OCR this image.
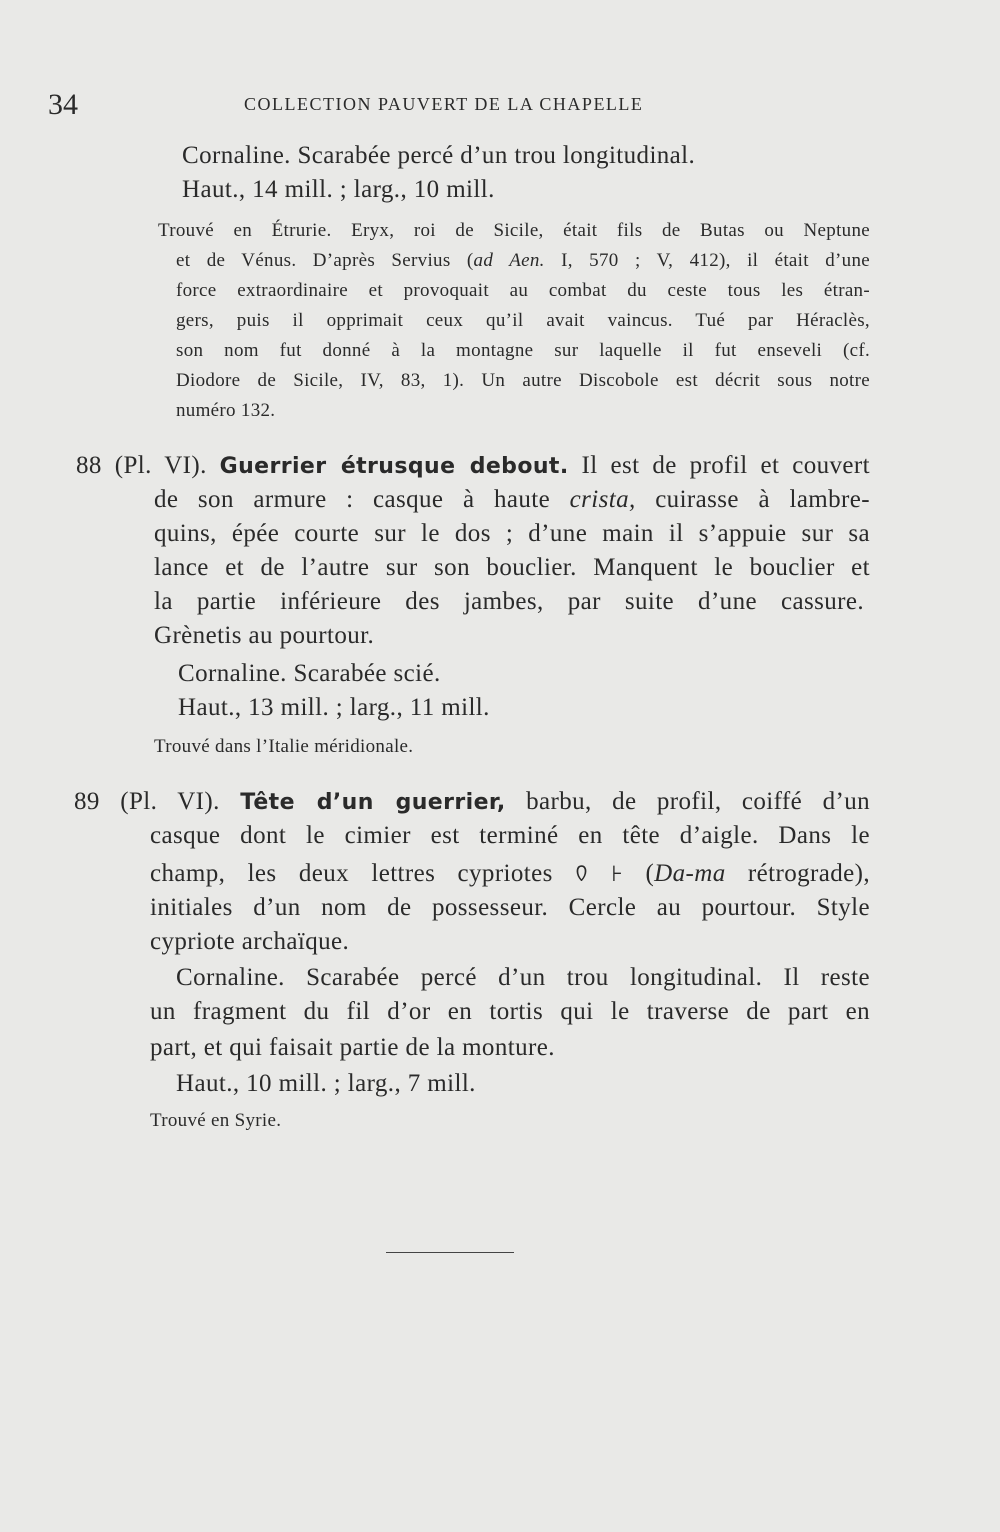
34	COLLECTION PAUVERT DE LA CHAPELLE
Cornaline. Scarabée percé d’un trou longitudinal.
Haut., 14 mill. ; larg., 10 mill.
Trouvé en Étrurie. Eryx, roi de Sicile, était fils de Butas ou Neptune
et de Vénus. D’après Servius (ad Aen. I, 570 ; V, 412), il était d’une
force extraordinaire et provoquait au combat du ceste tous les étran-
gers, puis il opprimait ceux qu’il avait vaincus. Tué par Héraclès,
son nom fut donné à la montagne sur laquelle il fut enseveli (cf.
Diodore de Sicile, IV, 83, 1). Un autre Discobole est décrit sous notre
numéro 132.
88 (Pl. VI). Guerrier étrusque debout. Il est de profil et couvert
de son armure : casque à haute crista, cuirasse à lambre-
quins, épée courte sur le dos ; d’une main il s’appuie sur sa
lance et de l’autre sur son bouclier. Manquent le bouclier et
la partie inférieure des jambes, par suite d’une cassure.
Grènetis au pourtour.
Cornaline. Scarabée scié.
Haut., 13 mill. ; larg., 11 mill.
Trouvé dans l’Italie méridionale.
89 (Pl. VI). Tête d’un guerrier, barbu, de profil, coiffé d’un
casque dont le cimier est terminé en tête d’aigle. Dans le
champ, les deux lettres cypriotes 𐠅 ⊦ (Da-ma rétrograde),
initiales d’un nom de possesseur. Cercle au pourtour. Style
cypriote archaïque.
Cornaline. Scarabée percé d’un trou longitudinal. Il reste
un fragment du fil d’or en tortis qui le traverse de part en
part, et qui faisait partie de la monture.
Haut., 10 mill. ; larg., 7 mill.
Trouvé en Syrie.
